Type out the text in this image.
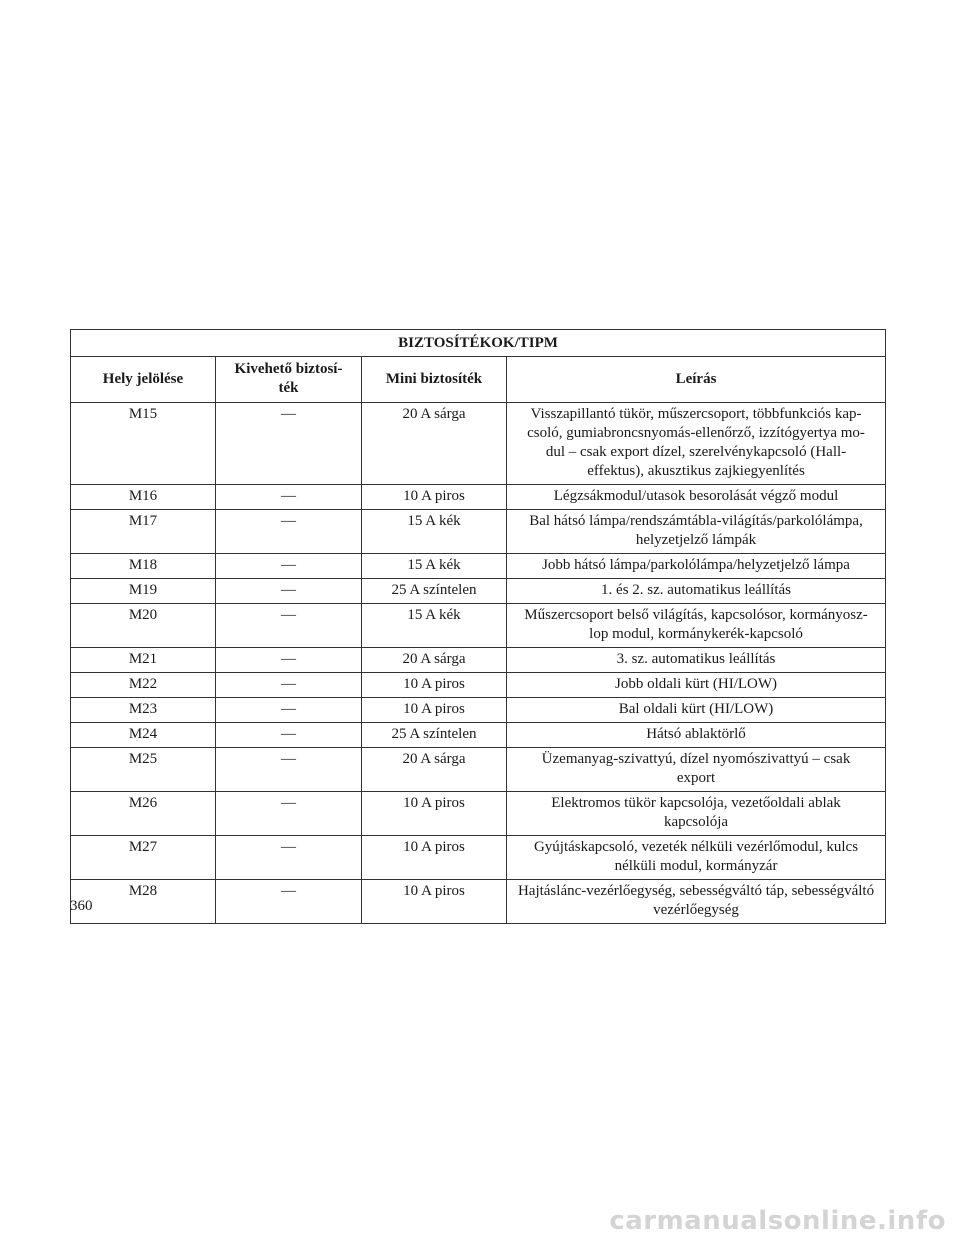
BIZTOSÍTÉKOK/TIPM			
Hely jelölése	Kivehető biztosí-
ték	Mini biztosíték	Leírás
M15	—	20 A sárga	Visszapillantó tükör, műszercsoport, többfunkciós kap-
csoló, gumiabroncsnyomás-ellenőrző, izzítógyertya mo-
dul – csak export dízel, szerelvénykapcsoló (Hall-
effektus), akusztikus zajkiegyenlítés
M16	—	10 A piros	Légzsákmodul/utasok besorolását végző modul
M17	—	15 A kék	Bal hátsó lámpa/rendszámtábla-világítás/parkolólámpa,
helyzetjelző lámpák
M18	—	15 A kék	Jobb hátsó lámpa/parkolólámpa/helyzetjelző lámpa
M19	—	25 A színtelen	1. és 2. sz. automatikus leállítás
M20	—	15 A kék	Műszercsoport belső világítás, kapcsolósor, kormányosz-
lop modul, kormánykerék-kapcsoló
M21	—	20 A sárga	3. sz. automatikus leállítás
M22	—	10 A piros	Jobb oldali kürt (HI/LOW)
M23	—	10 A piros	Bal oldali kürt (HI/LOW)
M24	—	25 A színtelen	Hátsó ablaktörlő
M25	—	20 A sárga	Üzemanyag-szivattyú, dízel nyomószivattyú – csak
export
M26	—	10 A piros	Elektromos tükör kapcsolója, vezetőoldali ablak
kapcsolója
M27	—	10 A piros	Gyújtáskapcsoló, vezeték nélküli vezérlőmodul, kulcs
nélküli modul, kormányzár
M28	—	10 A piros	Hajtáslánc-vezérlőegység, sebességváltó táp, sebességváltó
vezérlőegység
360
carmanualsonline.info
